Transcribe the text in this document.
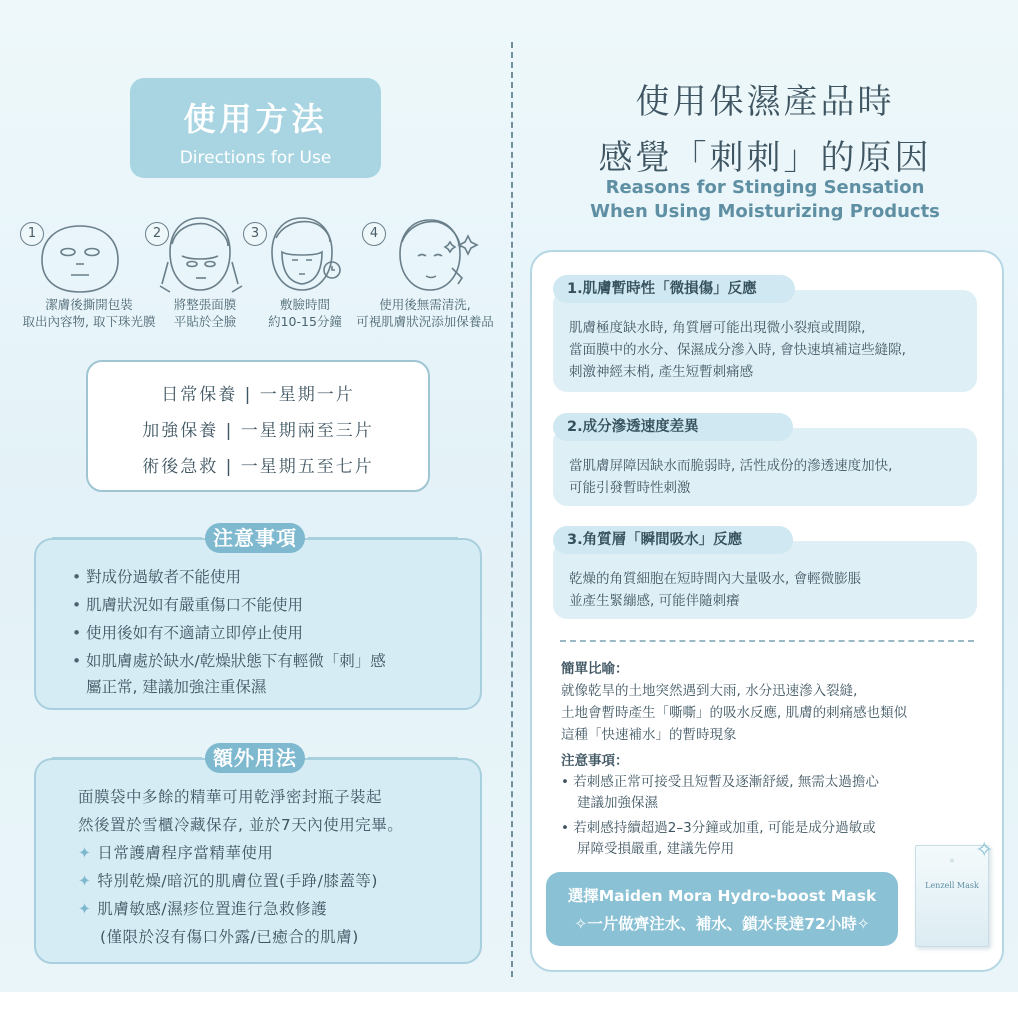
使用方法
Directions for Use
1	2	3	4
潔膚後撕開包裝
取出內容物, 取下珠光膜
將整張面膜
平貼於全臉
敷臉時間
約10-15分鐘
使用後無需清洗,
可視肌膚狀況添加保養品
日常保養 | 一星期一片
加強保養 | 一星期兩至三片
術後急救 | 一星期五至七片
注意事項
• 對成份過敏者不能使用
• 肌膚狀況如有嚴重傷口不能使用
• 使用後如有不適請立即停止使用
• 如肌膚處於缺水/乾燥狀態下有輕微「刺」感
屬正常, 建議加強注重保濕
額外用法
面膜袋中多餘的精華可用乾淨密封瓶子裝起
然後置於雪櫃冷藏保存, 並於7天內使用完畢。
✦ 日常護膚程序當精華使用
✦ 特別乾燥/暗沉的肌膚位置(手踭/膝蓋等)
✦ 肌膚敏感/濕疹位置進行急救修護
(僅限於沒有傷口外露/已癒合的肌膚)
使用保濕產品時
感覺「刺刺」的原因
Reasons for Stinging Sensation
When Using Moisturizing Products
肌膚極度缺水時, 角質層可能出現微小裂痕或間隙,
當面膜中的水分、保濕成分滲入時, 會快速填補這些縫隙,
刺激神經末梢, 產生短暫刺痛感
1.肌膚暫時性「微損傷」反應
當肌膚屏障因缺水而脆弱時, 活性成份的滲透速度加快,
可能引發暫時性刺激
2.成分滲透速度差異
乾燥的角質細胞在短時間內大量吸水, 會輕微膨脹
並產生緊繃感, 可能伴隨刺癢
3.角質層「瞬間吸水」反應
簡單比喻：
就像乾旱的土地突然遇到大雨, 水分迅速滲入裂縫,
土地會暫時產生「嘶嘶」的吸水反應, 肌膚的刺痛感也類似
這種「快速補水」的暫時現象
注意事項：
• 若刺感正常可接受且短暫及逐漸舒緩, 無需太過擔心
建議加強保濕
• 若刺感持續超過2–3分鐘或加重, 可能是成分過敏或
屏障受損嚴重, 建議先停用
選擇Maiden Mora Hydro-boost Mask
✧一片做齊注水、補水、鎖水長達72小時✧
◦
Lenzell Mask
✧
